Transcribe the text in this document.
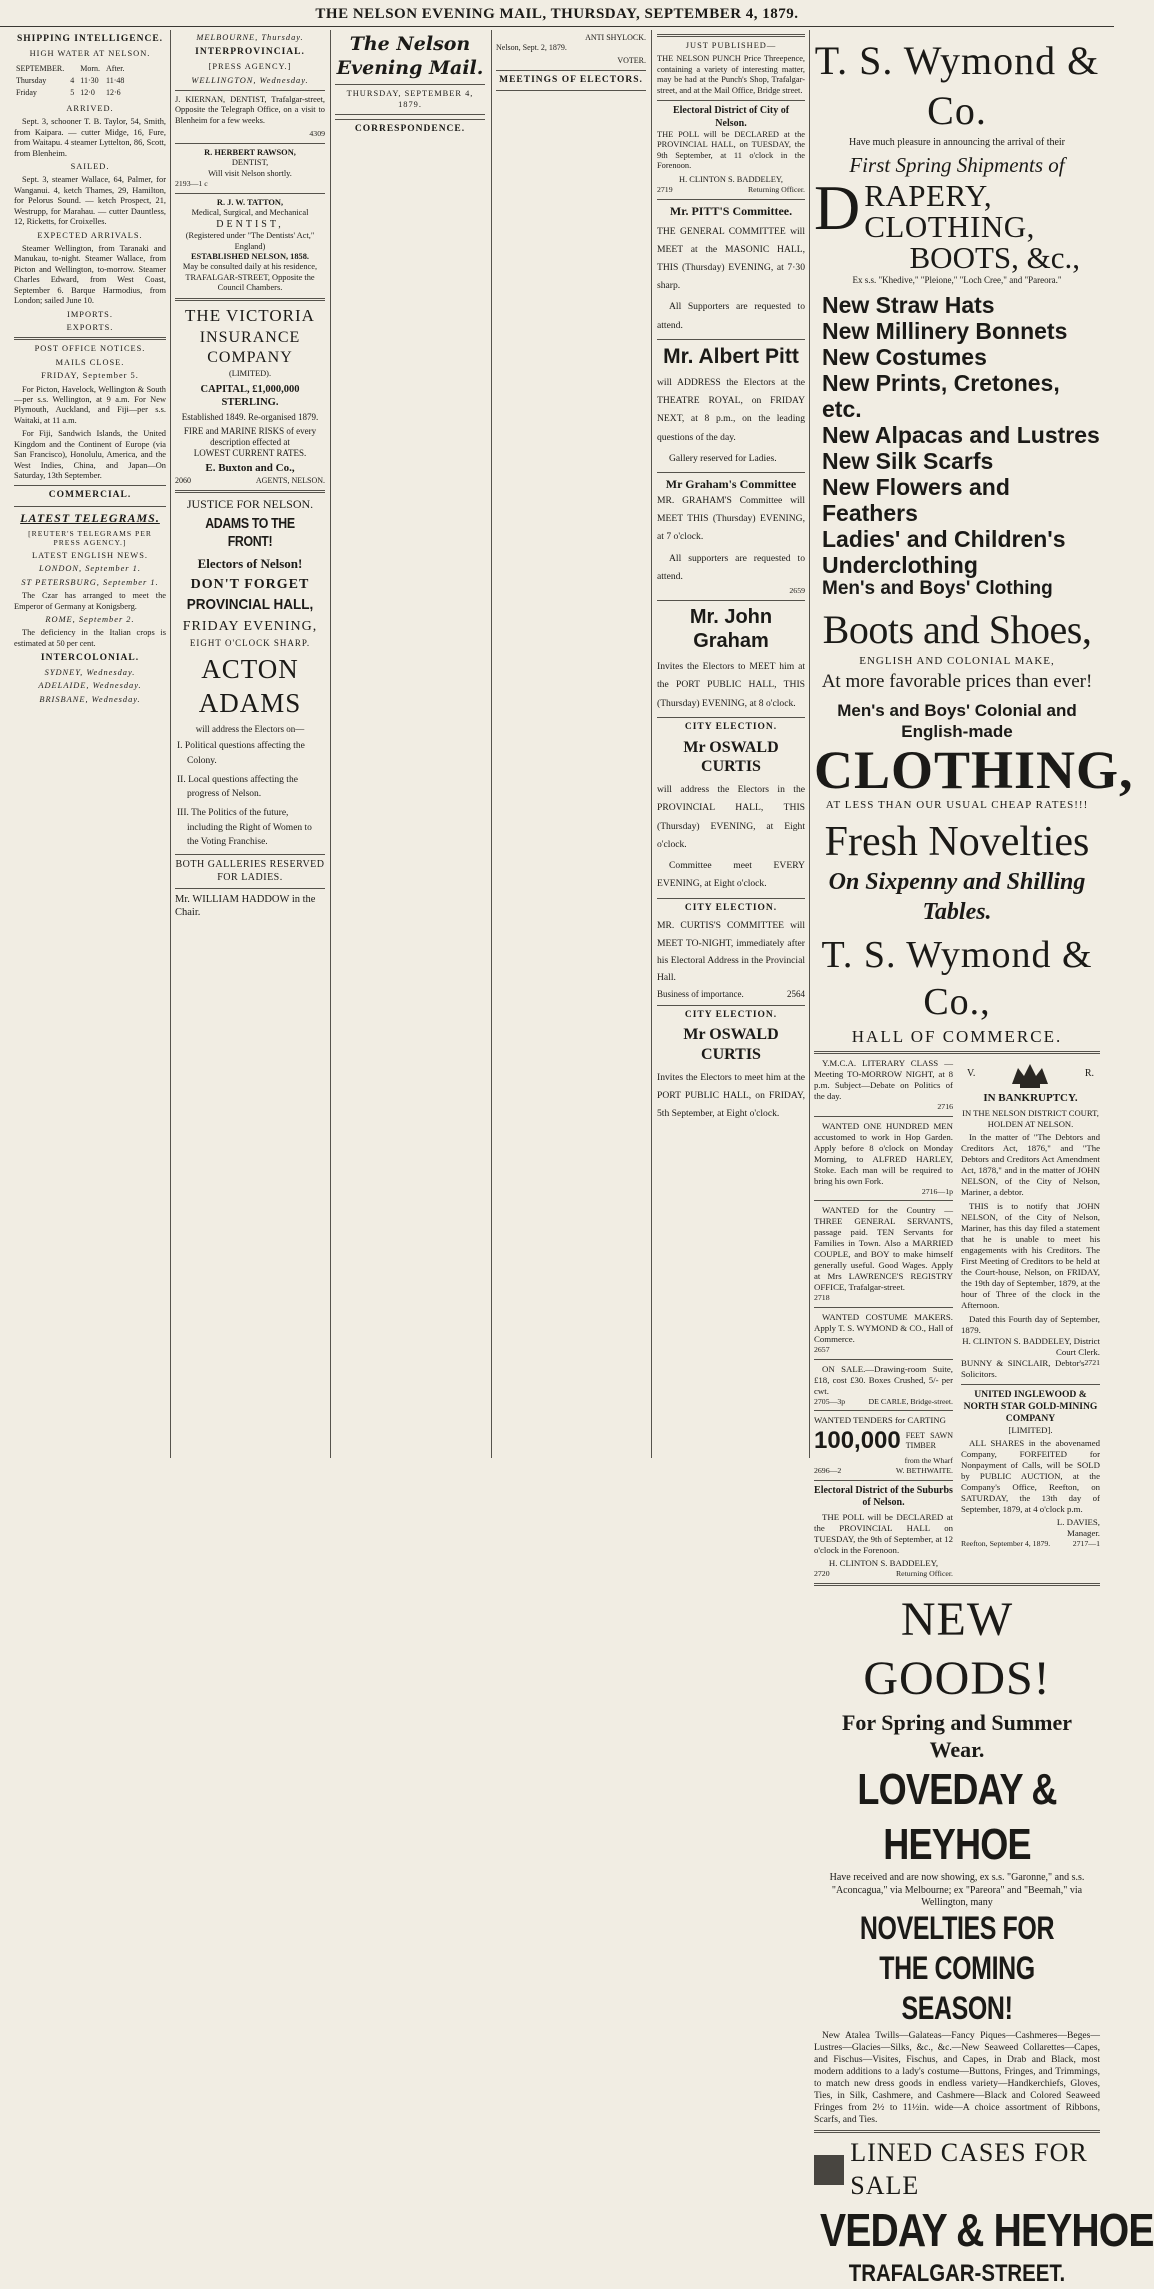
THE NELSON EVENING MAIL, THURSDAY, SEPTEMBER 4, 1879.
SHIPPING INTELLIGENCE.
HIGH WATER AT NELSON.
SEPTEMBER.		Morn.	After.
Thursday	4	11·30	11·48
Friday	5	12·0	12·6
ARRIVED.

Sept. 3, schooner T. B. Taylor, 54, Smith, from Kaipara. — cutter Midge, 16, Fure, from Waitapu. 4 steamer Lyttelton, 86, Scott, from Blenheim.

SAILED.

Sept. 3, steamer Wallace, 64, Palmer, for Wanganui. 4, ketch Thames, 29, Hamilton, for Pelorus Sound. — ketch Prospect, 21, Westrupp, for Marahau. — cutter Dauntless, 12, Ricketts, for Croixelles.

EXPECTED ARRIVALS.

Steamer Wellington, from Taranaki and Manukau, to-night. Steamer Wallace, from Picton and Wellington, to-morrow. Steamer Charles Edward, from West Coast, September 6. Barque Harmodius, from London; sailed June 10.

IMPORTS.

EXPORTS.

POST OFFICE NOTICES.
MAILS CLOSE.
FRIDAY, September 5.

For Picton, Havelock, Wellington & South—per s.s. Wellington, at 9 a.m. For New Plymouth, Auckland, and Fiji—per s.s. Waitaki, at 11 a.m.

For Fiji, Sandwich Islands, the United Kingdom and the Continent of Europe (via San Francisco), Honolulu, America, and the West Indies, China, and Japan—On Saturday, 13th September.

COMMERCIAL.

LATEST TELEGRAMS.
[REUTER'S TELEGRAMS PER PRESS AGENCY.]
LATEST ENGLISH NEWS.
LONDON, September 1.

ST PETERSBURG, September 1.

The Czar has arranged to meet the Emperor of Germany at Konigsberg.

ROME, September 2.

The deficiency in the Italian crops is estimated at 50 per cent.

INTERCOLONIAL.
SYDNEY, Wednesday.

ADELAIDE, Wednesday.

BRISBANE, Wednesday.

MELBOURNE, Thursday.

INTERPROVINCIAL.
[PRESS AGENCY.]
WELLINGTON, Wednesday.

J. KIERNAN, DENTIST, Trafalgar-street, Opposite the Telegraph Office, on a visit to Blenheim for a few weeks.

4309
R. HERBERT RAWSON,
DENTIST,
Will visit Nelson shortly.
2193—1 c
R. J. W. TATTON,
Medical, Surgical, and Mechanical
DENTIST,
(Registered under "The Dentists' Act," England)
ESTABLISHED NELSON, 1858.
May be consulted daily at his residence, TRAFALGAR-STREET, Opposite the Council Chambers.
THE VICTORIA
INSURANCE COMPANY
(LIMITED).
CAPITAL, £1,000,000 STERLING.
Established 1849. Re-organised 1879.
FIRE and MARINE RISKS of every description effected at
LOWEST CURRENT RATES.
E. Buxton and Co.,
2060	AGENTS, NELSON.
JUSTICE FOR NELSON.
ADAMS TO THE FRONT!
Electors of Nelson!
DON'T FORGET
PROVINCIAL HALL,
FRIDAY EVENING,
EIGHT O'CLOCK SHARP.
ACTON ADAMS
will address the Electors on—
I. Political questions affecting the Colony.
II. Local questions affecting the progress of Nelson.
III. The Politics of the future, including the Right of Women to the Voting Franchise.
BOTH GALLERIES RESERVED FOR LADIES.
Mr. WILLIAM HADDOW in the Chair.
The Nelson Evening Mail.
THURSDAY, SEPTEMBER 4, 1879.

CORRESPONDENCE.

ANTI SHYLOCK.
Nelson, Sept. 2, 1879.

VOTER.
MEETINGS OF ELECTORS.

JUST PUBLISHED—

THE NELSON PUNCH Price Threepence, containing a variety of interesting matter, may be had at the Punch's Shop, Trafalgar-street, and at the Mail Office, Bridge street.

Electoral District of City of Nelson.

THE POLL will be DECLARED at the PROVINCIAL HALL, on TUESDAY, the 9th September, at 11 o'clock in the Forenoon.

H. CLINTON S. BADDELEY,
2719	Returning Officer.
Mr. PITT'S Committee.

THE GENERAL COMMITTEE will MEET at the MASONIC HALL, THIS (Thursday) EVENING, at 7·30 sharp.

All Supporters are requested to attend.

Mr. Albert Pitt

will ADDRESS the Electors at the THEATRE ROYAL, on FRIDAY NEXT, at 8 p.m., on the leading questions of the day.

Gallery reserved for Ladies.

Mr Graham's Committee

MR. GRAHAM'S Committee will MEET THIS (Thursday) EVENING, at 7 o'clock.

All supporters are requested to attend.

2659
Mr. John Graham

Invites the Electors to MEET him at the PORT PUBLIC HALL, THIS (Thursday) EVENING, at 8 o'clock.

CITY ELECTION.
Mr OSWALD CURTIS

will address the Electors in the PROVINCIAL HALL, THIS (Thursday) EVENING, at Eight o'clock.

Committee meet EVERY EVENING, at Eight o'clock.

CITY ELECTION.

MR. CURTIS'S COMMITTEE will MEET TO-NIGHT, immediately after his Electoral Address in the Provincial Hall.

Business of importance.	2564
CITY ELECTION.
Mr OSWALD CURTIS

Invites the Electors to meet him at the PORT PUBLIC HALL, on FRIDAY, 5th September, at Eight o'clock.

T. S. Wymond & Co.
Have much pleasure in announcing the arrival of their
First Spring Shipments of
D RAPERY, CLOTHING,
BOOTS, &c.,
Ex s.s. "Khedive," "Pleione," "Loch Cree," and "Pareora."
New Straw Hats
New Millinery Bonnets
New Costumes
New Prints, Cretones, etc.
New Alpacas and Lustres
New Silk Scarfs
New Flowers and Feathers
Ladies' and Children's Underclothing
Men's and Boys' Clothing
Boots and Shoes,
ENGLISH AND COLONIAL MAKE,
At more favorable prices than ever!
Men's and Boys' Colonial and English-made
CLOTHING,
AT LESS THAN OUR USUAL CHEAP RATES!!!
Fresh Novelties
On Sixpenny and Shilling Tables.
T. S. Wymond & Co.,
HALL OF COMMERCE.

Y.M.C.A. LITERARY CLASS — Meeting TO-MORROW NIGHT, at 8 p.m. Subject—Debate on Politics of the day.

2716

WANTED ONE HUNDRED MEN accustomed to work in Hop Garden. Apply before 8 o'clock on Monday Morning, to ALFRED HARLEY, Stoke. Each man will be required to bring his own Fork.

2716—1p

WANTED for the Country — THREE GENERAL SERVANTS, passage paid. TEN Servants for Families in Town. Also a MARRIED COUPLE, and BOY to make himself generally useful. Good Wages. Apply at Mrs LAWRENCE'S REGISTRY OFFICE, Trafalgar-street.

2718

WANTED COSTUME MAKERS. Apply T. S. WYMOND & CO., Hall of Commerce.

2657

ON SALE.—Drawing-room Suite, £18, cost £30. Boxes Crushed, 5/- per cwt.

2705—3p	DE CARLE, Bridge-street.
WANTED TENDERS for CARTING
100,000 FEET SAWN TIMBER
from the Wharf
2696—2	W. BETHWAITE.
Electoral District of the Suburbs of Nelson.

THE POLL will be DECLARED at the PROVINCIAL HALL on TUESDAY, the 9th of September, at 12 o'clock in the Forenoon.

H. CLINTON S. BADDELEY,
2720	Returning Officer.
V.	R.
IN BANKRUPTCY.
IN THE NELSON DISTRICT COURT, HOLDEN AT NELSON.

In the matter of "The Debtors and Creditors Act, 1876," and "The Debtors and Creditors Act Amendment Act, 1878," and in the matter of JOHN NELSON, of the City of Nelson, Mariner, a debtor.

THIS is to notify that JOHN NELSON, of the City of Nelson, Mariner, has this day filed a statement that he is unable to meet his engagements with his Creditors. The First Meeting of Creditors to be held at the Court-house, Nelson, on FRIDAY, the 19th day of September, 1879, at the hour of Three of the clock in the Afternoon.

Dated this Fourth day of September, 1879.

H. CLINTON S. BADDELEY, District Court Clerk.
BUNNY & SINCLAIR, Debtor's Solicitors.
2721
UNITED INGLEWOOD & NORTH STAR GOLD-MINING COMPANY
[LIMITED].

ALL SHARES in the abovenamed Company, FORFEITED for Nonpayment of Calls, will be SOLD by PUBLIC AUCTION, at the Company's Office, Reefton, on SATURDAY, the 13th day of September, 1879, at 4 o'clock p.m.

L. DAVIES,
Manager.
Reefton, September 4, 1879.	2717—1
NEW GOODS!
For Spring and Summer Wear.
LOVEDAY & HEYHOE
Have received and are now showing, ex s.s. "Garonne," and s.s. "Aconcagua," via Melbourne; ex "Pareora" and "Beemah," via Wellington, many
NOVELTIES FOR THE COMING SEASON!

New Atalea Twills—Galateas—Fancy Piques—Cashmeres—Beges—Lustres—Glacies—Silks, &c., &c.—New Seaweed Collarettes—Capes, and Fischus—Visites, Fischus, and Capes, in Drab and Black, most modern additions to a lady's costume—Buttons, Fringes, and Trimmings, to match new dress goods in endless variety—Handkerchiefs, Gloves, Ties, in Silk, Cashmere, and Cashmere—Black and Colored Seaweed Fringes from 2½ to 11½in. wide—A choice assortment of Ribbons, Scarfs, and Ties.

LINED CASES FOR SALE
VEDAY & HEYHOE
TRAFALGAR-STREET.
